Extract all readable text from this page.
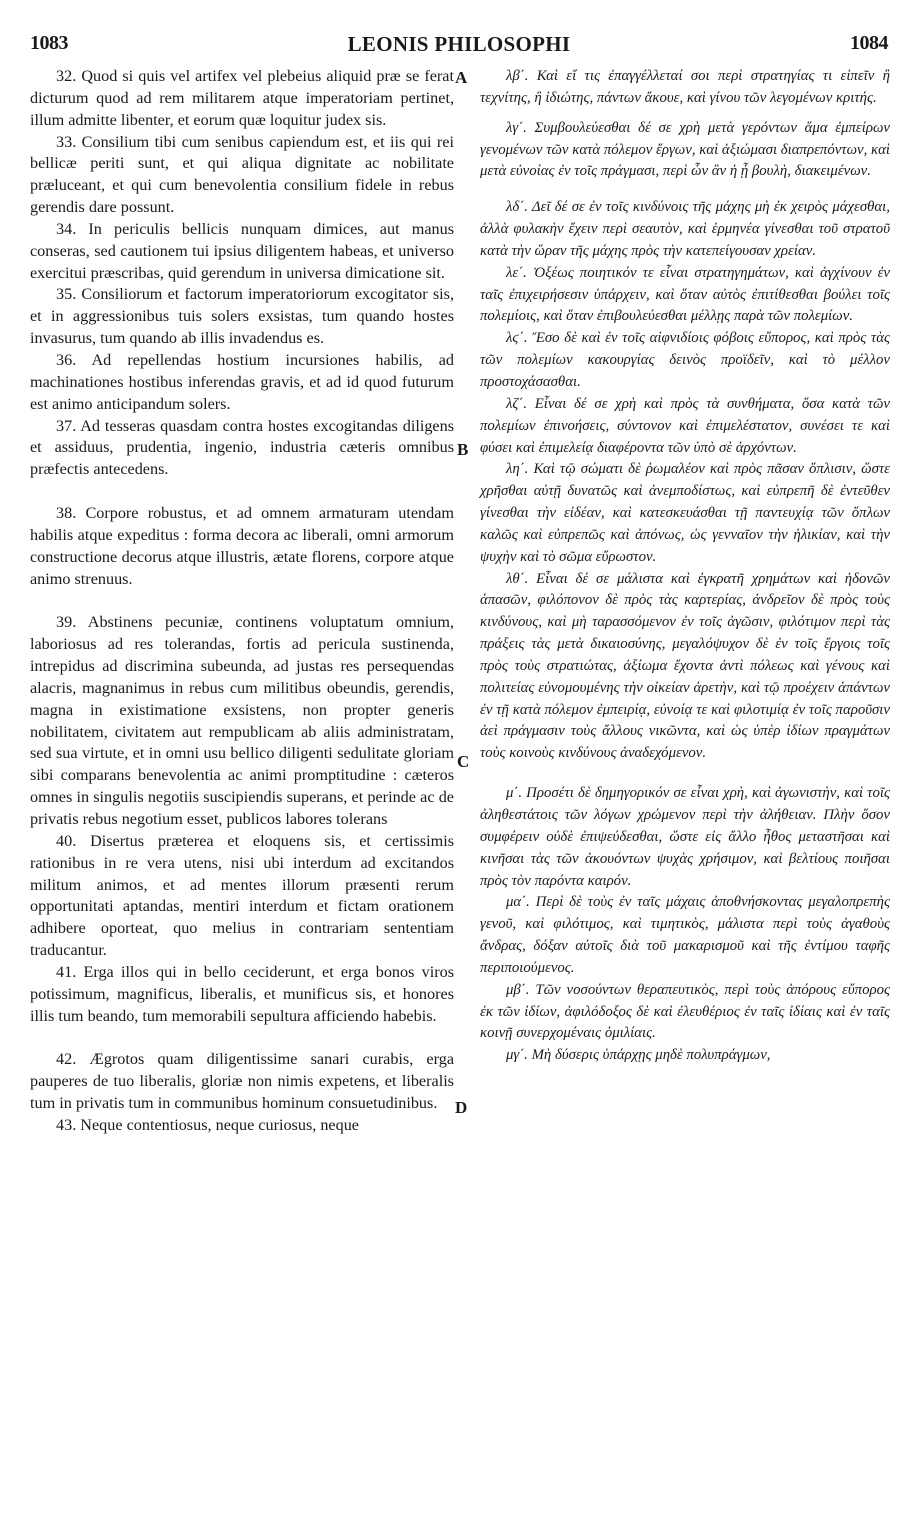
1083	LEONIS PHILOSOPHI	1084

32. Quod si quis vel artifex vel plebeius aliquid præ se ferat dicturum quod ad rem militarem atque imperatoriam pertinet, illum admitte libenter, et eorum quæ loquitur judex sis.

33. Consilium tibi cum senibus capiendum est, et iis qui rei bellicæ periti sunt, et qui aliqua dignitate ac nobilitate præluceant, et qui cum benevolentia consilium fidele in rebus gerendis dare possunt.

34. In periculis bellicis nunquam dimices, aut manus conseras, sed cautionem tui ipsius diligentem habeas, et universo exercitui præscribas, quid gerendum in universa dimicatione sit.

35. Consiliorum et factorum imperatoriorum excogitator sis, et in aggressionibus tuis solers exsistas, tum quando hostes invasurus, tum quando ab illis invadendus es.

36. Ad repellendas hostium incursiones habilis, ad machinationes hostibus inferendas gravis, et ad id quod futurum est animo anticipandum solers.

37. Ad tesseras quasdam contra hostes excogitandas diligens et assiduus, prudentia, ingenio, industria cæteris omnibus præfectis antecedens.

38. Corpore robustus, et ad omnem armaturam utendam habilis atque expeditus : forma decora ac liberali, omni armorum constructione decorus atque illustris, ætate florens, corpore atque animo strenuus.

39. Abstinens pecuniæ, continens voluptatum omnium, laboriosus ad res tolerandas, fortis ad pericula sustinenda, intrepidus ad discrimina subeunda, ad justas res persequendas alacris, magnanimus in rebus cum militibus obeundis, gerendis, magna in existimatione exsistens, non propter generis nobilitatem, civitatem aut rempublicam ab aliis administratam, sed sua virtute, et in omni usu bellico diligenti sedulitate gloriam sibi comparans benevolentia ac animi promptitudine : cæteros omnes in singulis negotiis suscipiendis superans, et perinde ac de privatis rebus negotium esset, publicos labores tolerans

40. Disertus præterea et eloquens sis, et certissimis rationibus in re vera utens, nisi ubi interdum ad excitandos militum animos, et ad mentes illorum præsenti rerum opportunitati aptandas, mentiri interdum et fictam orationem adhibere oporteat, quo melius in contrariam sententiam traducantur.

41. Erga illos qui in bello ceciderunt, et erga bonos viros potissimum, magnificus, liberalis, et munificus sis, et honores illis tum beando, tum memorabili sepultura afficiendo habebis.

42. Ægrotos quam diligentissime sanari curabis, erga pauperes de tuo liberalis, gloriæ non nimis expetens, et liberalis tum in privatis tum in communibus hominum consuetudinibus.

43. Neque contentiosus, neque curiosus, neque

λβ΄. Καὶ εἴ τις ἐπαγγέλλεταί σοι περὶ στρατηγίας τι εἰπεῖν ἢ τεχνίτης, ἢ ἰδιώτης, πάντων ἄκουε, καὶ γίνου τῶν λεγομένων κριτής.

λγ΄. Συμβουλεύεσθαι δέ σε χρὴ μετὰ γερόντων ἅμα ἐμπείρων γενομένων τῶν κατὰ πόλεμον ἔργων, καὶ ἀξιώμασι διαπρεπόντων, καὶ μετὰ εὐνοίας ἐν τοῖς πράγμασι, περὶ ὧν ἂν ἡ ᾗ βουλὴ, διακειμένων.

λδ΄. Δεῖ δέ σε ἐν τοῖς κινδύνοις τῆς μάχης μὴ ἐκ χειρὸς μάχεσθαι, ἀλλὰ φυλακὴν ἔχειν περὶ σεαυτὸν, καὶ ἑρμηνέα γίνεσθαι τοῦ στρατοῦ κατὰ τὴν ὥραν τῆς μάχης πρὸς τὴν κατεπείγουσαν χρείαν.

λε΄. Ὀξέως ποιητικόν τε εἶναι στρατηγημάτων, καὶ ἀγχίνουν ἐν ταῖς ἐπιχειρήσεσιν ὑπάρχειν, καὶ ὅταν αὐτὸς ἐπιτίθεσθαι βούλει τοῖς πολεμίοις, καὶ ὅταν ἐπιβουλεύεσθαι μέλλῃς παρὰ τῶν πολεμίων.

λϛ΄. Ἔσο δὲ καὶ ἐν τοῖς αἰφνιδίοις φόβοις εὔπορος, καὶ πρὸς τὰς τῶν πολεμίων κακουργίας δεινὸς προϊδεῖν, καὶ τὸ μέλλον προστοχάσασθαι.

λζ΄. Εἶναι δέ σε χρὴ καὶ πρὸς τὰ συνθήματα, ὅσα κατὰ τῶν πολεμίων ἐπινοήσεις, σύντονον καὶ ἐπιμελέστατον, συνέσει τε καὶ φύσει καὶ ἐπιμελείᾳ διαφέροντα τῶν ὑπὸ σὲ ἀρχόντων.

λη΄. Καὶ τῷ σώματι δὲ ῥωμαλέον καὶ πρὸς πᾶσαν ὅπλισιν, ὥστε χρῆσθαι αὐτῇ δυνατῶς καὶ ἀνεμποδίστως, καὶ εὐπρεπῆ δὲ ἐντεῦθεν γίνεσθαι τὴν εἰδέαν, καὶ κατεσκευάσθαι τῇ παντευχίᾳ τῶν ὅπλων καλῶς καὶ εὐπρεπῶς καὶ ἀπόνως, ὡς γενναῖον τὴν ἡλικίαν, καὶ τὴν ψυχὴν καὶ τὸ σῶμα εὔρωστον.

λθ΄. Εἶναι δέ σε μάλιστα καὶ ἐγκρατῆ χρημάτων καὶ ἡδονῶν ἁπασῶν, φιλόπονον δὲ πρὸς τὰς καρτερίας, ἀνδρεῖον δὲ πρὸς τοὺς κινδύνους, καὶ μὴ ταρασσόμενον ἐν τοῖς ἀγῶσιν, φιλότιμον περὶ τὰς πράξεις τὰς μετὰ δικαιοσύνης, μεγαλόψυχον δὲ ἐν τοῖς ἔργοις τοῖς πρὸς τοὺς στρατιώτας, ἀξίωμα ἔχοντα ἀντὶ πόλεως καὶ γένους καὶ πολιτείας εὐνομουμένης τὴν οἰκείαν ἀρετὴν, καὶ τῷ προέχειν ἁπάντων ἐν τῇ κατὰ πόλεμον ἐμπειρίᾳ, εὐνοίᾳ τε καὶ φιλοτιμίᾳ ἐν τοῖς παροῦσιν ἀεὶ πράγμασιν τοὺς ἄλλους νικῶντα, καὶ ὡς ὑπὲρ ἰδίων πραγμάτων τοὺς κοινοὺς κινδύνους ἀναδεχόμενον.

μ΄. Προσέτι δὲ δημηγορικόν σε εἶναι χρὴ, καὶ ἀγωνιστὴν, καὶ τοῖς ἀληθεστάτοις τῶν λόγων χρώμενον περὶ τὴν ἀλήθειαν. Πλὴν ὅσον συμφέρειν οὐδὲ ἐπιψεύδεσθαι, ὥστε εἰς ἄλλο ἦθος μεταστῆσαι καὶ κινῆσαι τὰς τῶν ἀκουόντων ψυχὰς χρήσιμον, καὶ βελτίους ποιῆσαι πρὸς τὸν παρόντα καιρόν.

μα΄. Περὶ δὲ τοὺς ἐν ταῖς μάχαις ἀποθνήσκοντας μεγαλοπρεπὴς γενοῦ, καὶ φιλότιμος, καὶ τιμητικὸς, μάλιστα περὶ τοὺς ἀγαθοὺς ἄνδρας, δόξαν αὐτοῖς διὰ τοῦ μακαρισμοῦ καὶ τῆς ἐντίμου ταφῆς περιποιούμενος.

μβ΄. Τῶν νοσούντων θεραπευτικὸς, περὶ τοὺς ἀπόρους εὔπορος ἐκ τῶν ἰδίων, ἀφιλόδοξος δὲ καὶ ἐλευθέριος ἐν ταῖς ἰδίαις καὶ ἐν ταῖς κοινῇ συνερχομέναις ὁμιλίαις.

μγ΄. Μὴ δύσερις ὑπάρχῃς μηδὲ πολυπράγμων,

A
B
C
D
